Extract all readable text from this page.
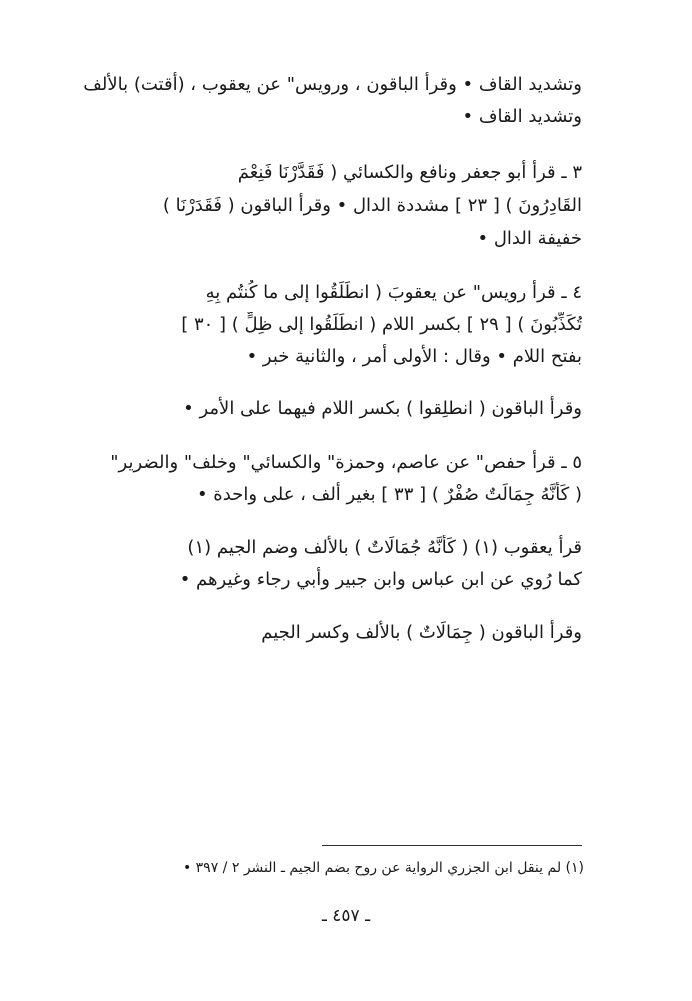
وتشديد القاف • وقرأ الباقون ، ورويس" عن يعقوب ، (أُقتت) بالألف
وتشديد القاف •
٣ ـ قرأ أبو جعفر ونافع والكسائي ( فَقَدَّرْنَا فَنِعْمَ
القَادِرُونَ ) [ ٢٣ ] مشددة الدال • وقرأ الباقون ( فَقَدَرْنَا )
خفيفة الدال •
٤ ـ قرأ رويس" عن يعقوبَ ( انطَلَقُوا إلى ما كُنتُم بِهِ
تُكَذِّبُونَ ) [ ٢٩ ] بكسر اللام ( انطَلَقُوا إلى ظِلٍّ ) [ ٣٠ ]
بفتح اللام • وقال : الأولى أمر ، والثانية خبر •
وقرأ الباقون ( انطلِقوا ) بكسر اللام فيهما على الأمر •
٥ ـ قرأ حفص" عن عاصم، وحمزة" والكسائي" وخلف" والضرير"
( كَأَنَّهُ جِمَالَتٌ صُفْرٌ ) [ ٣٣ ] بغير ألف ، على واحدة •
قرأ يعقوب (١) ( كَأَنَّهُ جُمَالَاتٌ ) بالألف وضم الجيم (١)
كما رُوي عن ابن عباس وابن جبير وأبي رجاء وغيرهم •
وقرأ الباقون ( جِمَالَاتٌ ) بالألف وكسر الجيم
(١) لم ينقل ابن الجزري الرواية عن روح بضم الجيم ـ النشر ٢ / ٣٩٧ •
ـ ٤٥٧ ـ
